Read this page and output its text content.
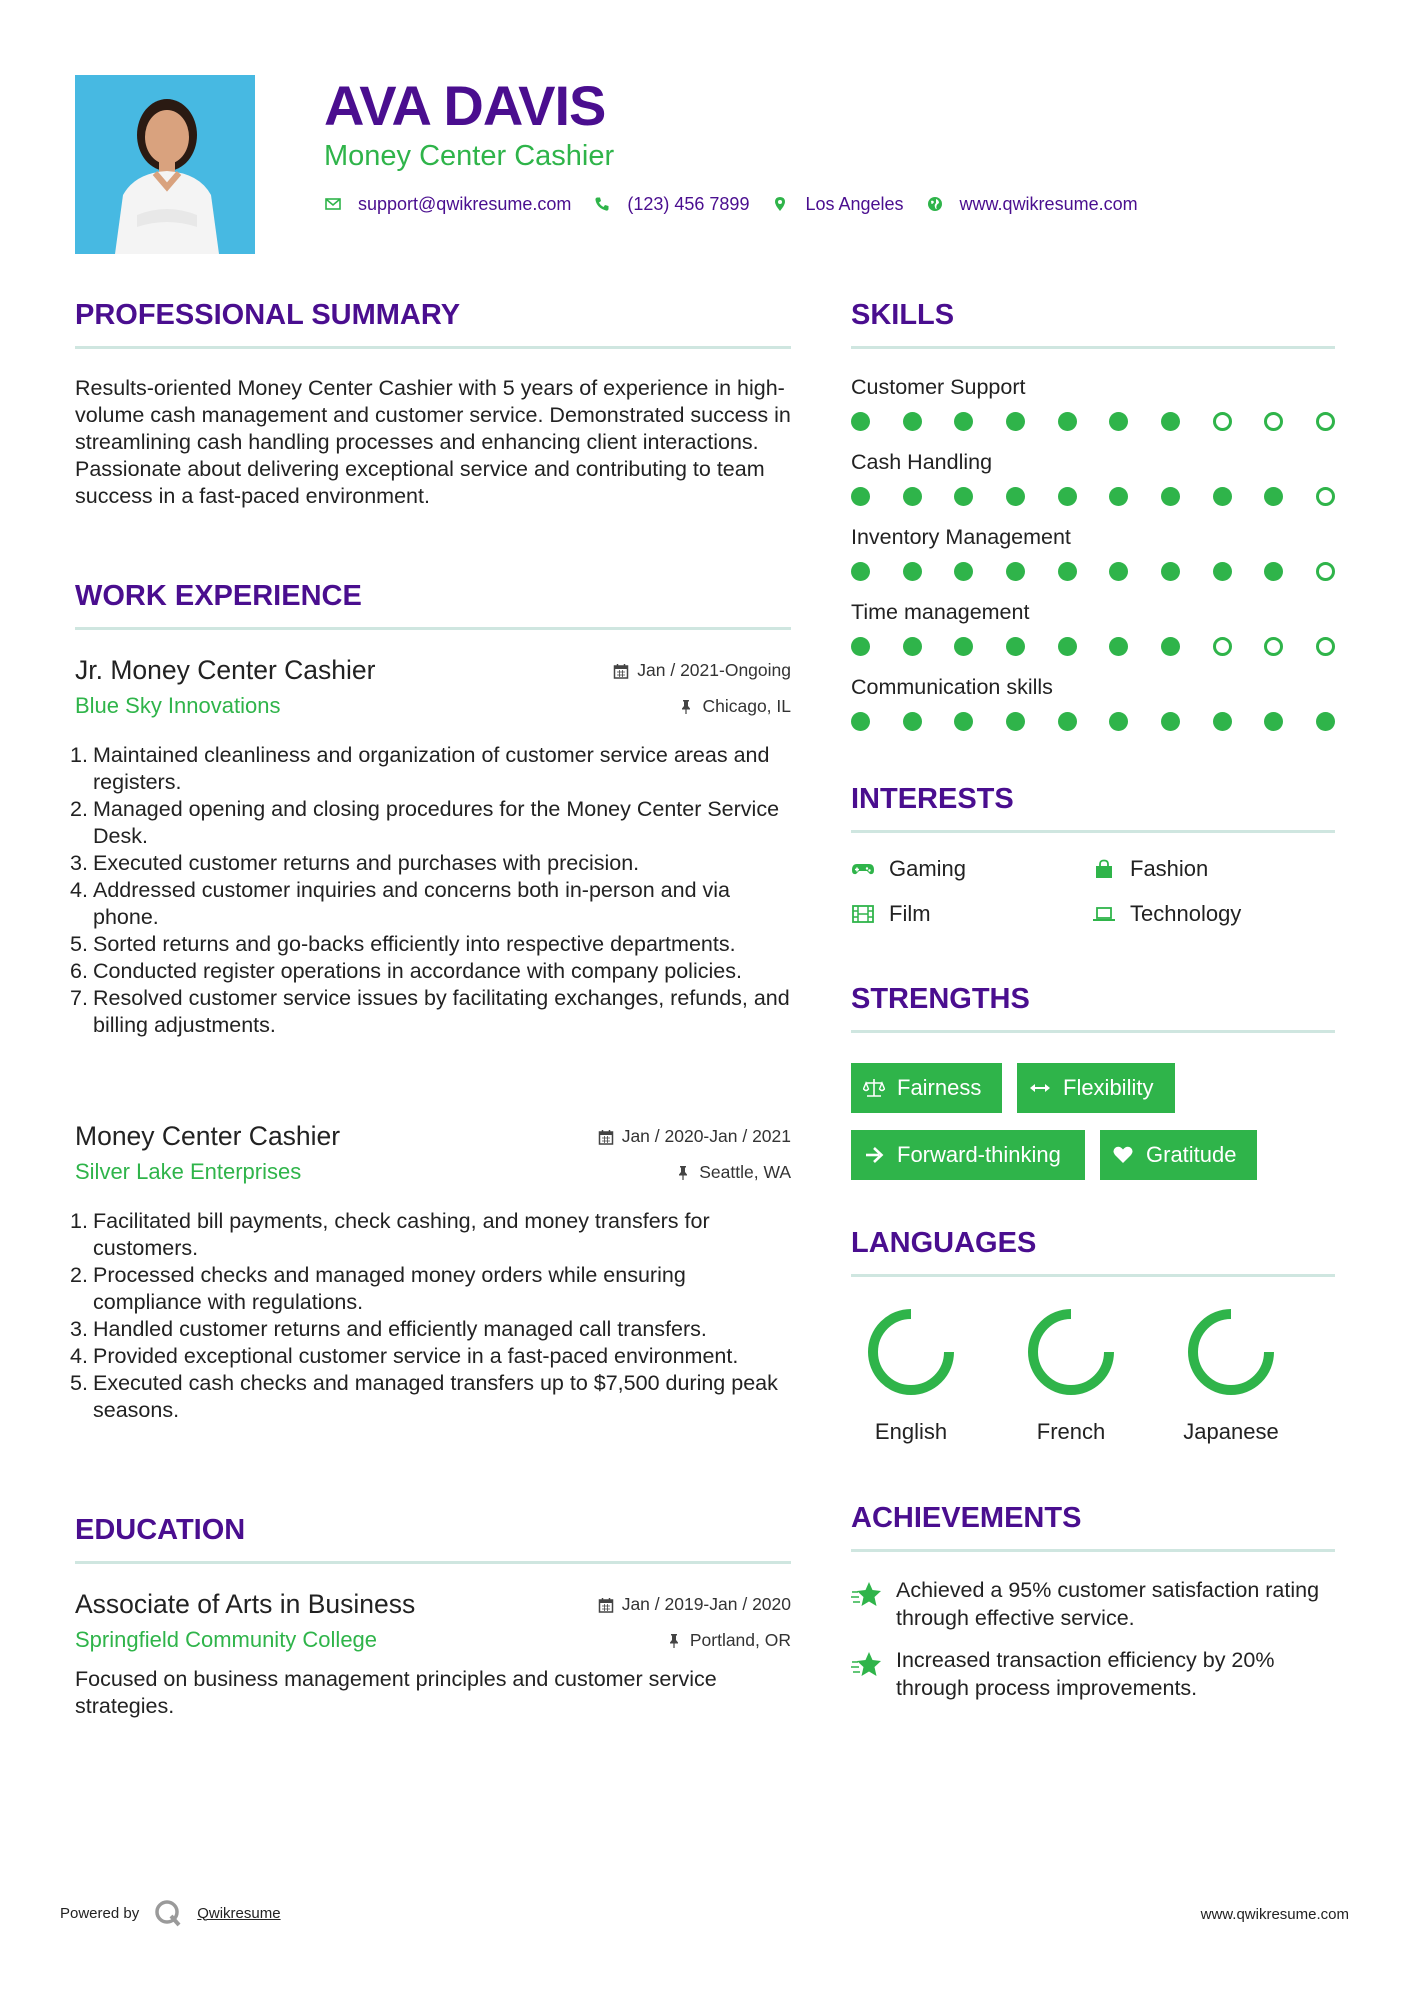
AVA DAVIS
Money Center Cashier
support@qwikresume.com	(123) 456 7899	Los Angeles	www.qwikresume.com
PROFESSIONAL SUMMARY

Results-oriented Money Center Cashier with 5 years of experience in high-volume cash management and customer service. Demonstrated success in streamlining cash handling processes and enhancing client interactions. Passionate about delivering exceptional service and contributing to team success in a fast-paced environment.

WORK EXPERIENCE
Jr. Money Center Cashier
Blue Sky Innovations
Jan / 2021-Ongoing
Chicago, IL
Maintained cleanliness and organization of customer service areas and registers.
Managed opening and closing procedures for the Money Center Service Desk.
Executed customer returns and purchases with precision.
Addressed customer inquiries and concerns both in-person and via phone.
Sorted returns and go-backs efficiently into respective departments.
Conducted register operations in accordance with company policies.
Resolved customer service issues by facilitating exchanges, refunds, and billing adjustments.
Money Center Cashier
Silver Lake Enterprises
Jan / 2020-Jan / 2021
Seattle, WA
Facilitated bill payments, check cashing, and money transfers for customers.
Processed checks and managed money orders while ensuring compliance with regulations.
Handled customer returns and efficiently managed call transfers.
Provided exceptional customer service in a fast-paced environment.
Executed cash checks and managed transfers up to $7,500 during peak seasons.
EDUCATION
Associate of Arts in Business
Springfield Community College
Jan / 2019-Jan / 2020
Portland, OR

Focused on business management principles and customer service strategies.

SKILLS
Customer Support
Cash Handling
Inventory Management
Time management
Communication skills
INTERESTS
Gaming	Fashion
Film	Technology
STRENGTHS
Fairness	Flexibility
Forward-thinking	Gratitude
LANGUAGES
English	French	Japanese
ACHIEVEMENTS
Achieved a 95% customer satisfaction rating through effective service.
Increased transaction efficiency by 20% through process improvements.
Powered by	Qwikresume	www.qwikresume.com
